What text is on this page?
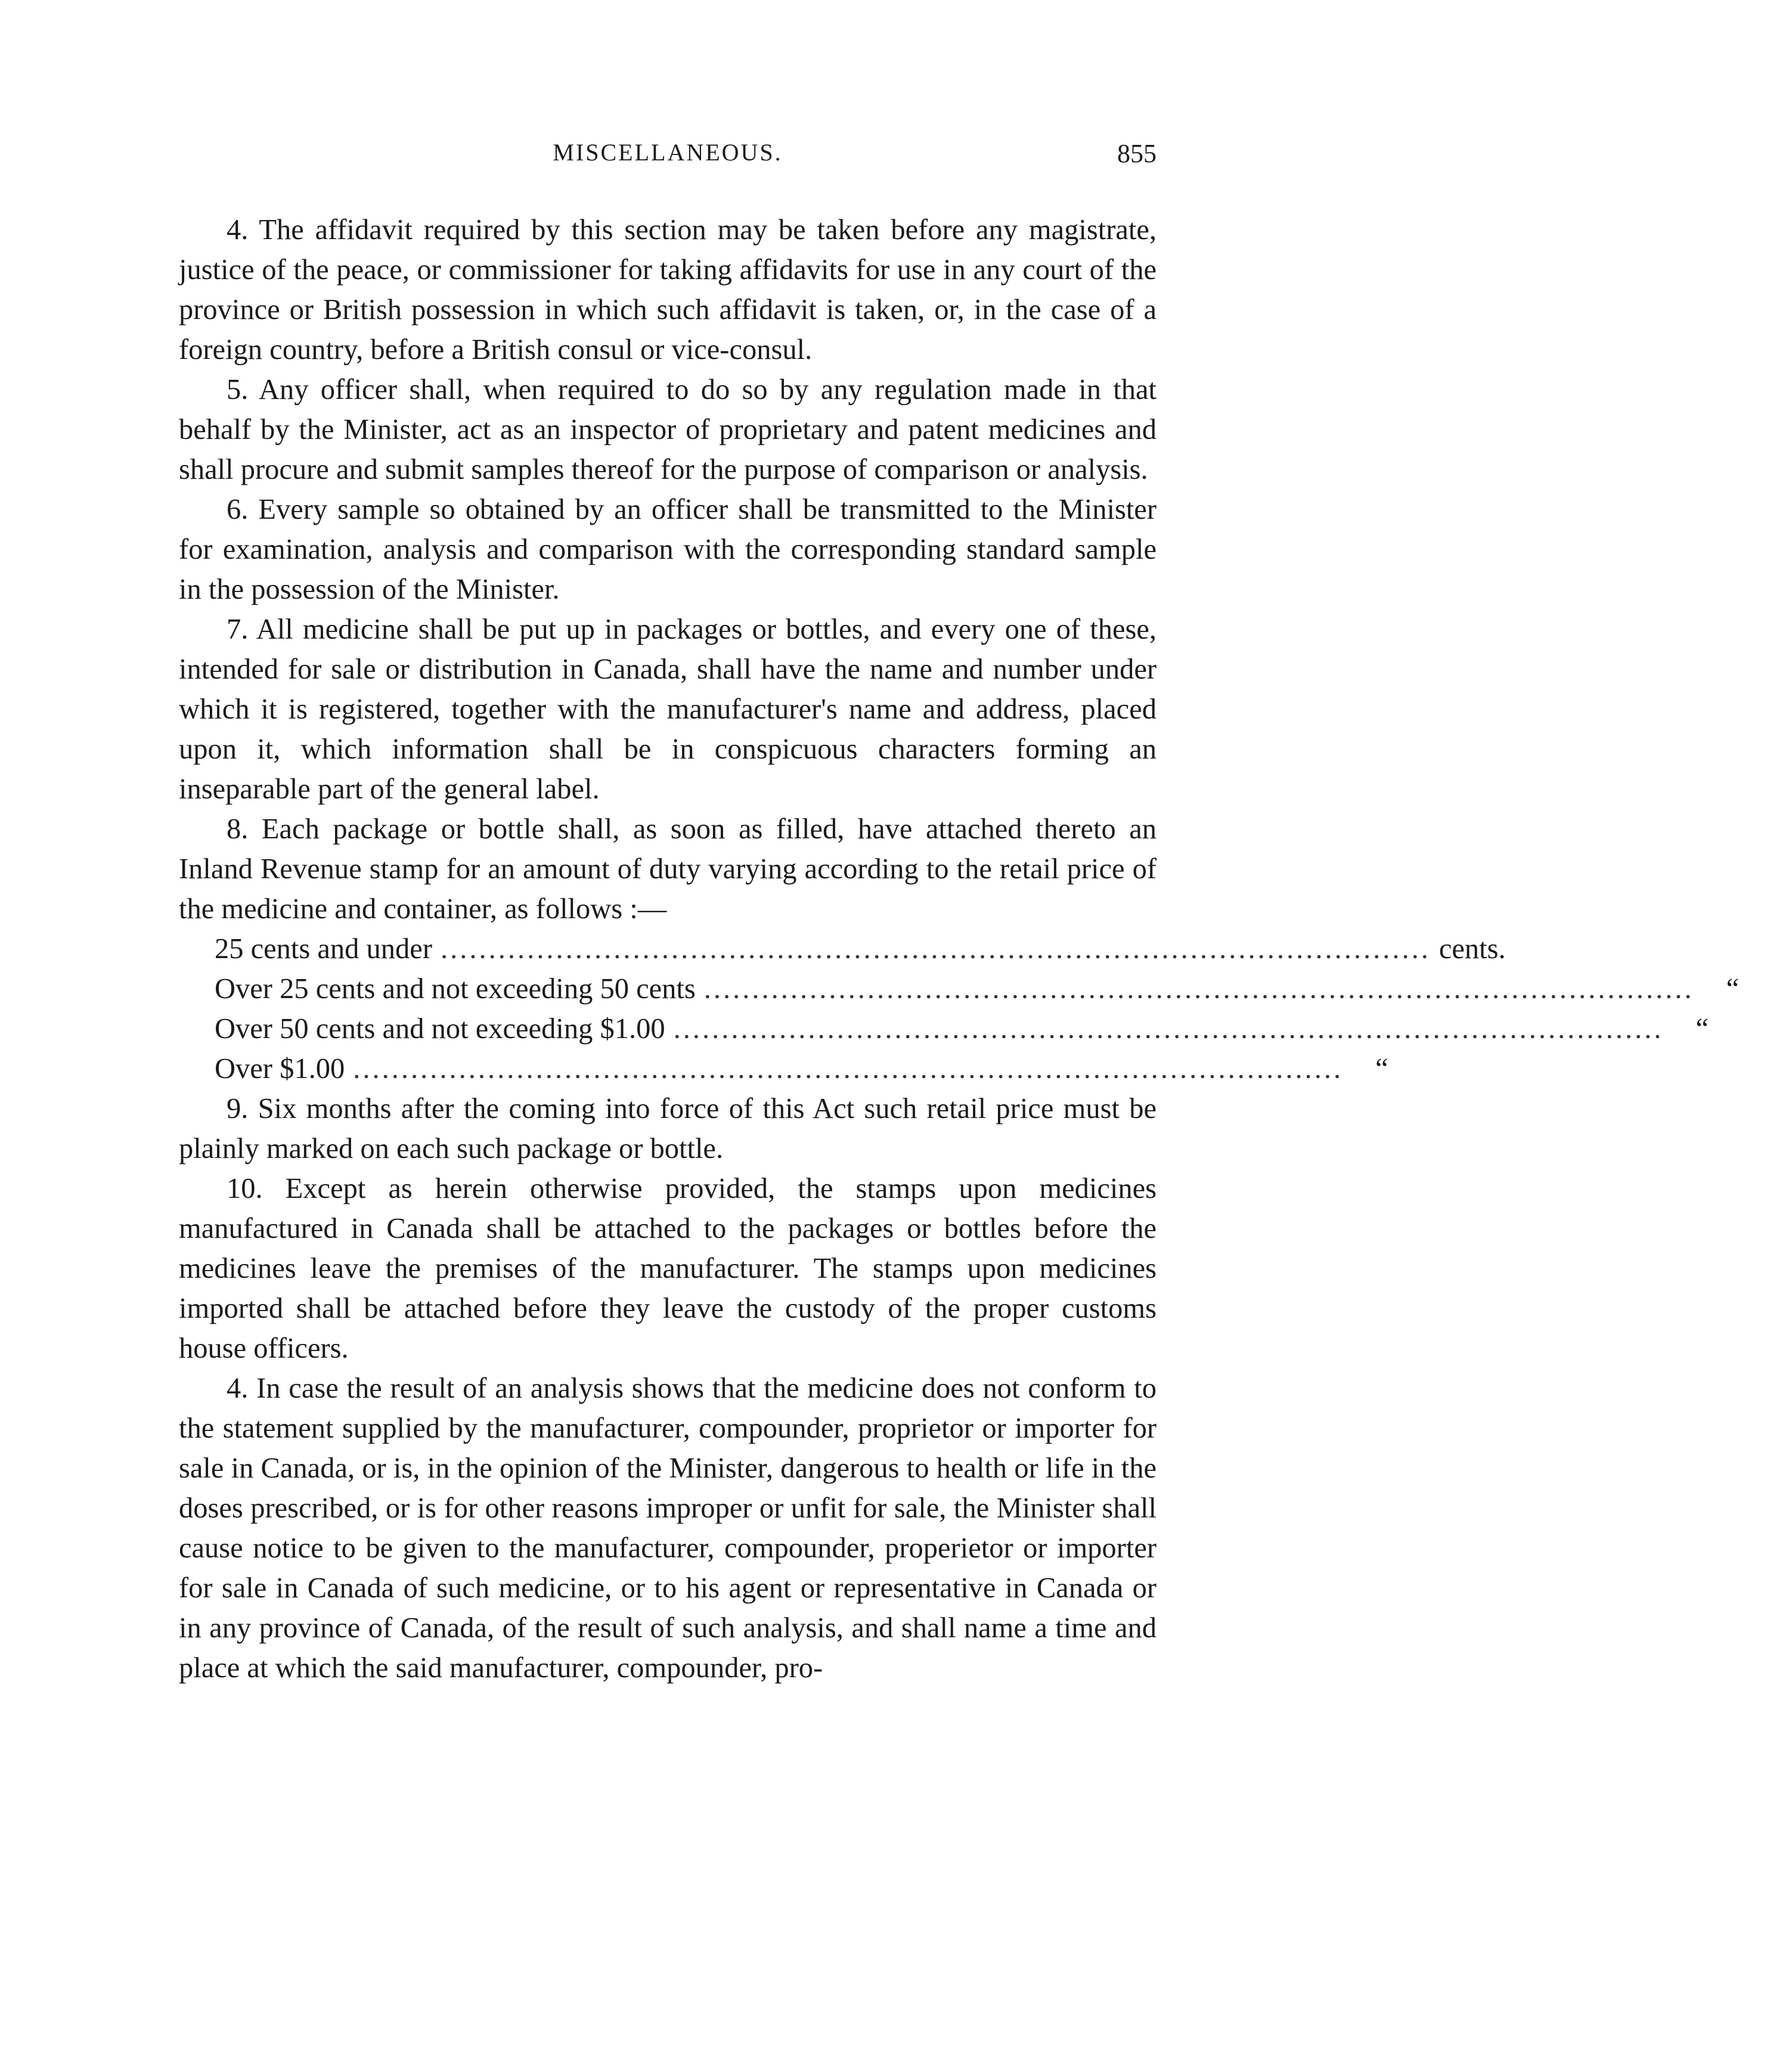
MISCELLANEOUS.	855

4. The affidavit required by this section may be taken before any magistrate, justice of the peace, or commissioner for taking affidavits for use in any court of the province or British possession in which such affidavit is taken, or, in the case of a foreign country, before a British consul or vice-consul.

5. Any officer shall, when required to do so by any regulation made in that behalf by the Minister, act as an inspector of proprietary and patent medicines and shall procure and submit samples thereof for the purpose of comparison or analysis.

6. Every sample so obtained by an officer shall be transmitted to the Minister for examination, analysis and comparison with the corresponding standard sample in the possession of the Minister.

7. All medicine shall be put up in packages or bottles, and every one of these, intended for sale or distribution in Canada, shall have the name and number under which it is registered, together with the manufacturer's name and address, placed upon it, which information shall be in conspicuous characters forming an inseparable part of the general label.

8. Each package or bottle shall, as soon as filled, have attached thereto an Inland Revenue stamp for an amount of duty varying according to the retail price of the medicine and container, as follows :—

25 cents and under ....................................................................................................... cents.
Over 25 cents and not exceeding 50 cents .......................................................................................................	“
Over 50 cents and not exceeding $1.00 .......................................................................................................	“
Over $1.00 .......................................................................................................	“

9. Six months after the coming into force of this Act such retail price must be plainly marked on each such package or bottle.

10. Except as herein otherwise provided, the stamps upon medicines manufactured in Canada shall be attached to the packages or bottles before the medicines leave the premises of the manufacturer. The stamps upon medicines imported shall be attached before they leave the custody of the proper customs house officers.

4. In case the result of an analysis shows that the medicine does not conform to the statement supplied by the manufacturer, compounder, proprietor or importer for sale in Canada, or is, in the opinion of the Minister, dangerous to health or life in the doses prescribed, or is for other reasons improper or unfit for sale, the Minister shall cause notice to be given to the manufacturer, compounder, properietor or importer for sale in Canada of such medicine, or to his agent or representative in Canada or in any province of Canada, of the result of such analysis, and shall name a time and place at which the said manufacturer, compounder, pro-
